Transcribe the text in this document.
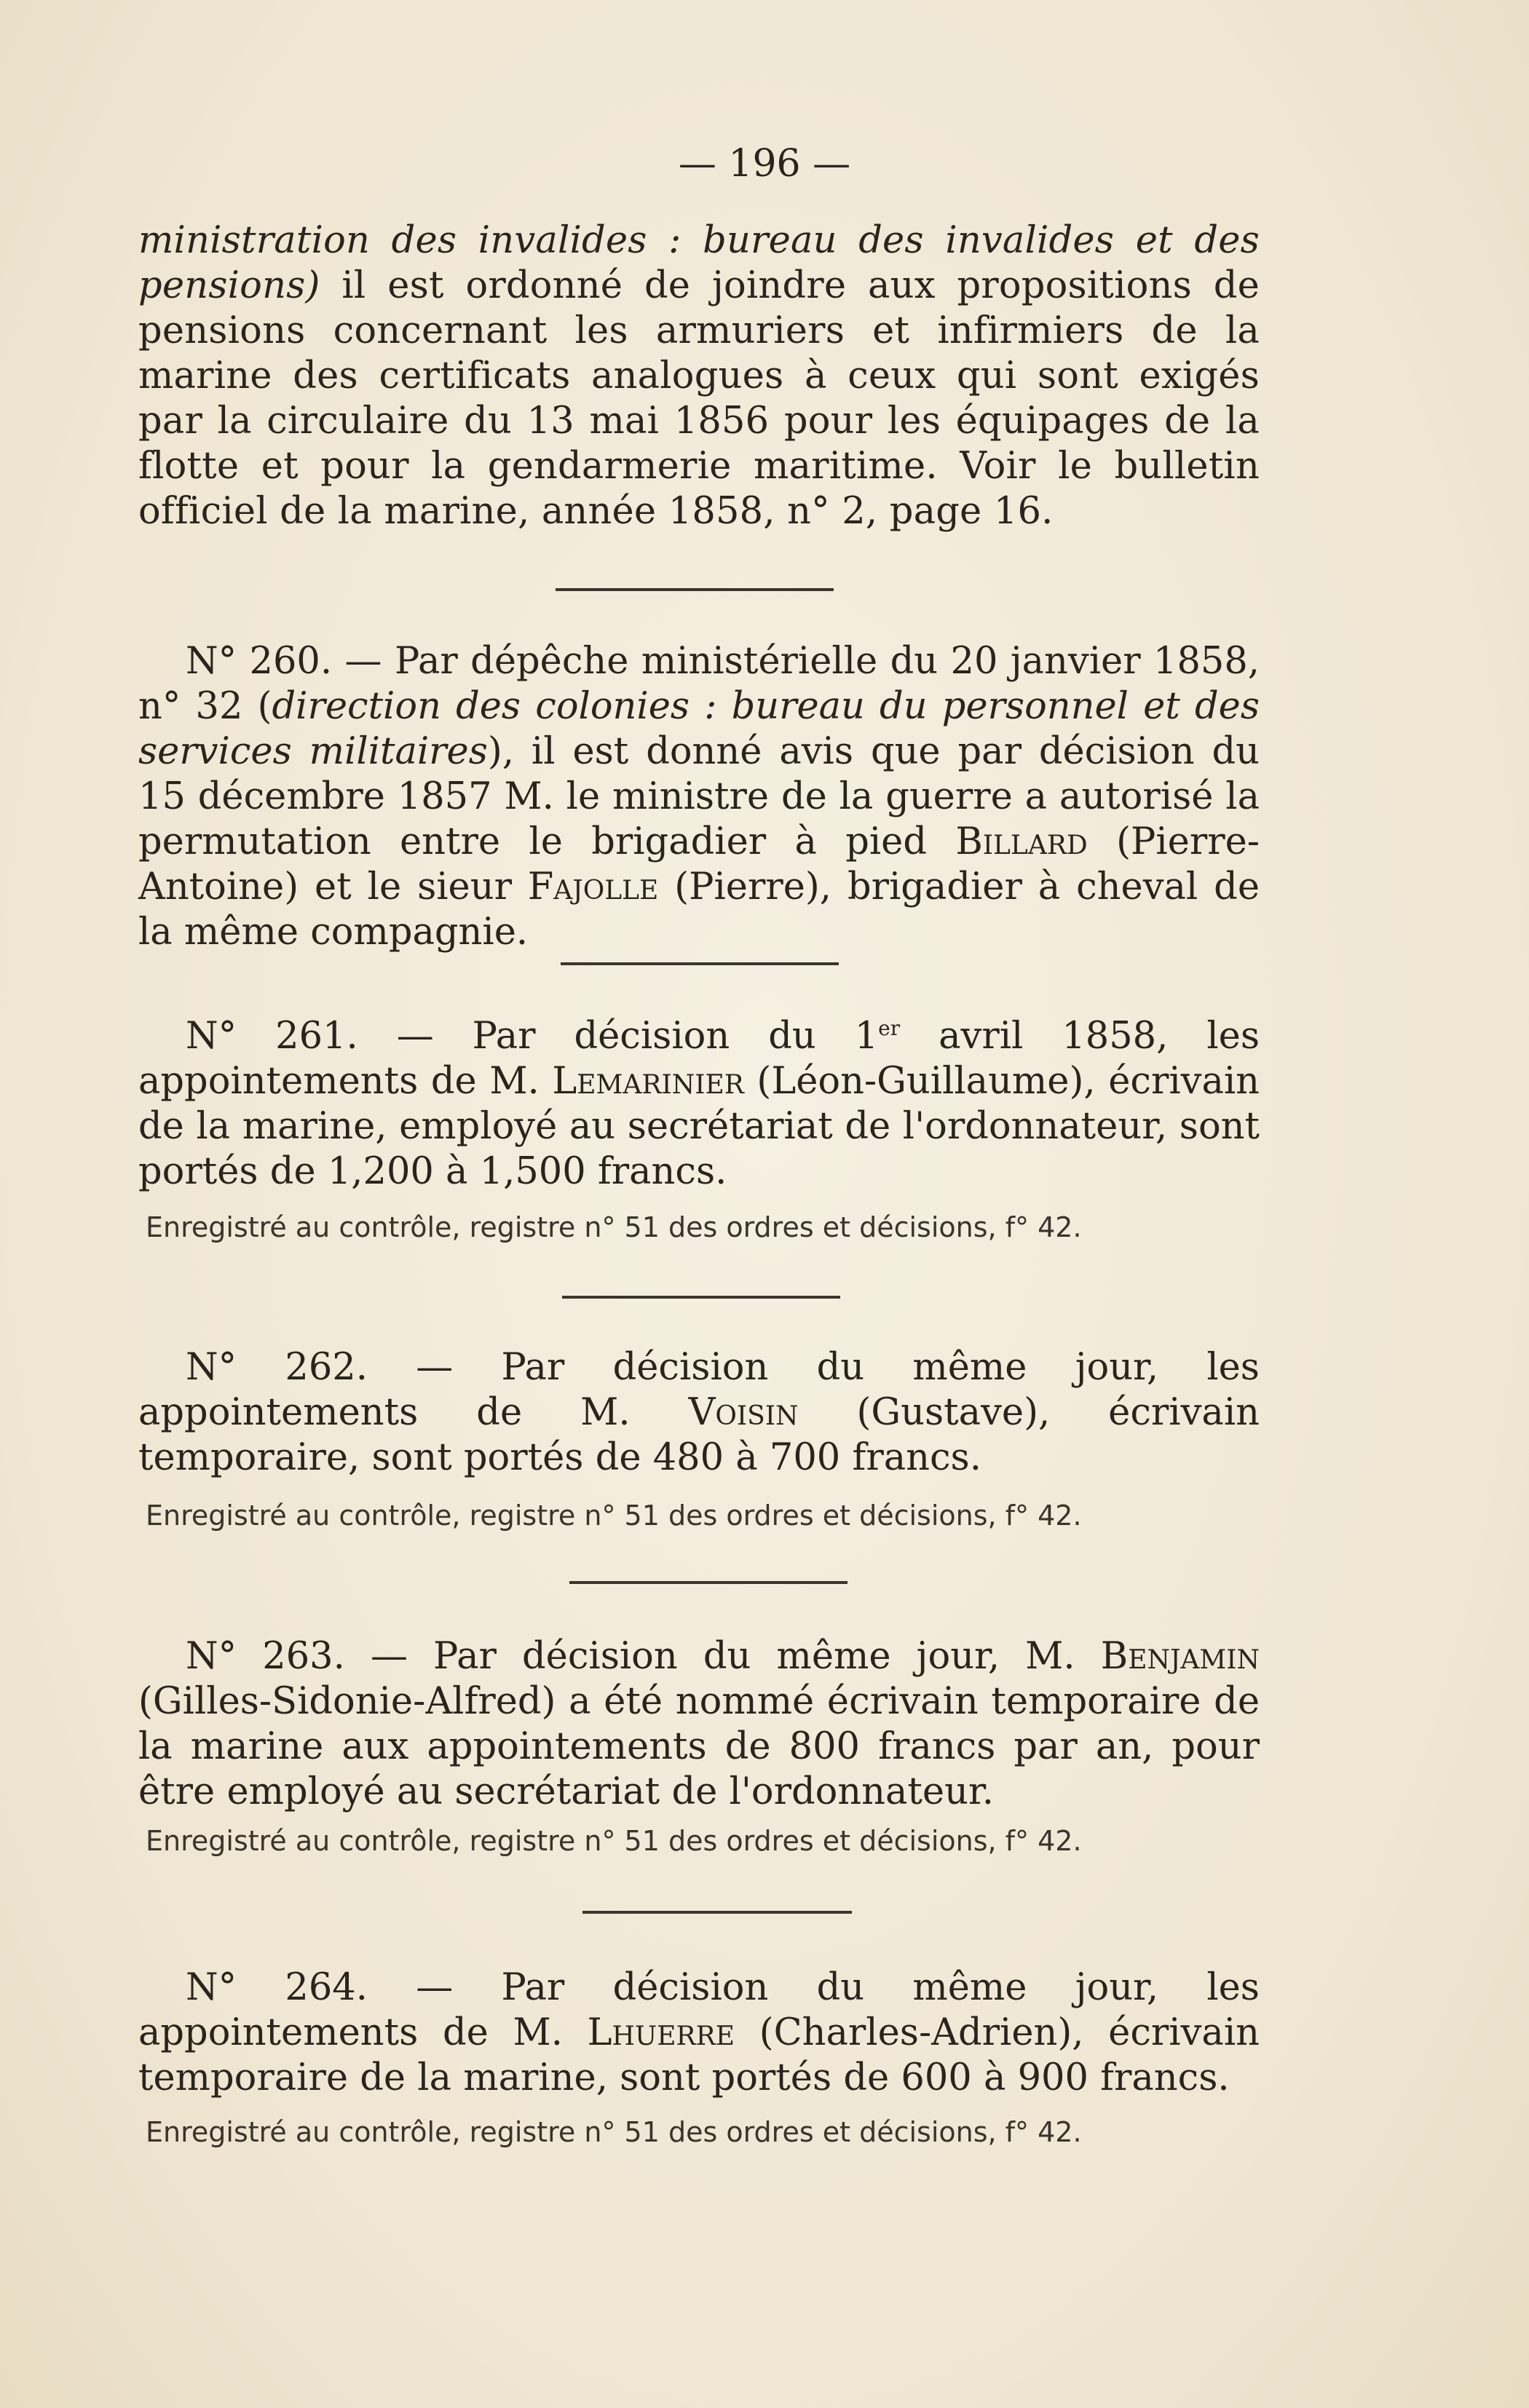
— 196 —

ministration des invalides : bureau des invalides et des pensions) il est ordonné de joindre aux propositions de pensions concernant les armuriers et infirmiers de la marine des certificats analogues à ceux qui sont exigés par la circulaire du 13 mai 1856 pour les équipages de la flotte et pour la gendarmerie maritime. Voir le bulletin officiel de la marine, année 1858, n° 2, page 16.

N° 260. — Par dépêche ministérielle du 20 janvier 1858, n° 32 (direction des colonies : bureau du personnel et des services militaires), il est donné avis que par décision du 15 décembre 1857 M. le ministre de la guerre a autorisé la permutation entre le brigadier à pied Billard (Pierre-Antoine) et le sieur Fajolle (Pierre), brigadier à cheval de la même compagnie.

N° 261. — Par décision du 1er avril 1858, les appointements de M. Lemarinier (Léon-Guillaume), écrivain de la marine, employé au secrétariat de l'ordonnateur, sont portés de 1,200 à 1,500 francs.

Enregistré au contrôle, registre n° 51 des ordres et décisions, f° 42.

N° 262. — Par décision du même jour, les appointements de M. Voisin (Gustave), écrivain temporaire, sont portés de 480 à 700 francs.

Enregistré au contrôle, registre n° 51 des ordres et décisions, f° 42.

N° 263. — Par décision du même jour, M. Benjamin (Gilles-Sidonie-Alfred) a été nommé écrivain temporaire de la marine aux appointements de 800 francs par an, pour être employé au secrétariat de l'ordonnateur.

Enregistré au contrôle, registre n° 51 des ordres et décisions, f° 42.

N° 264. — Par décision du même jour, les appointements de M. Lhuerre (Charles-Adrien), écrivain temporaire de la marine, sont portés de 600 à 900 francs.

Enregistré au contrôle, registre n° 51 des ordres et décisions, f° 42.
